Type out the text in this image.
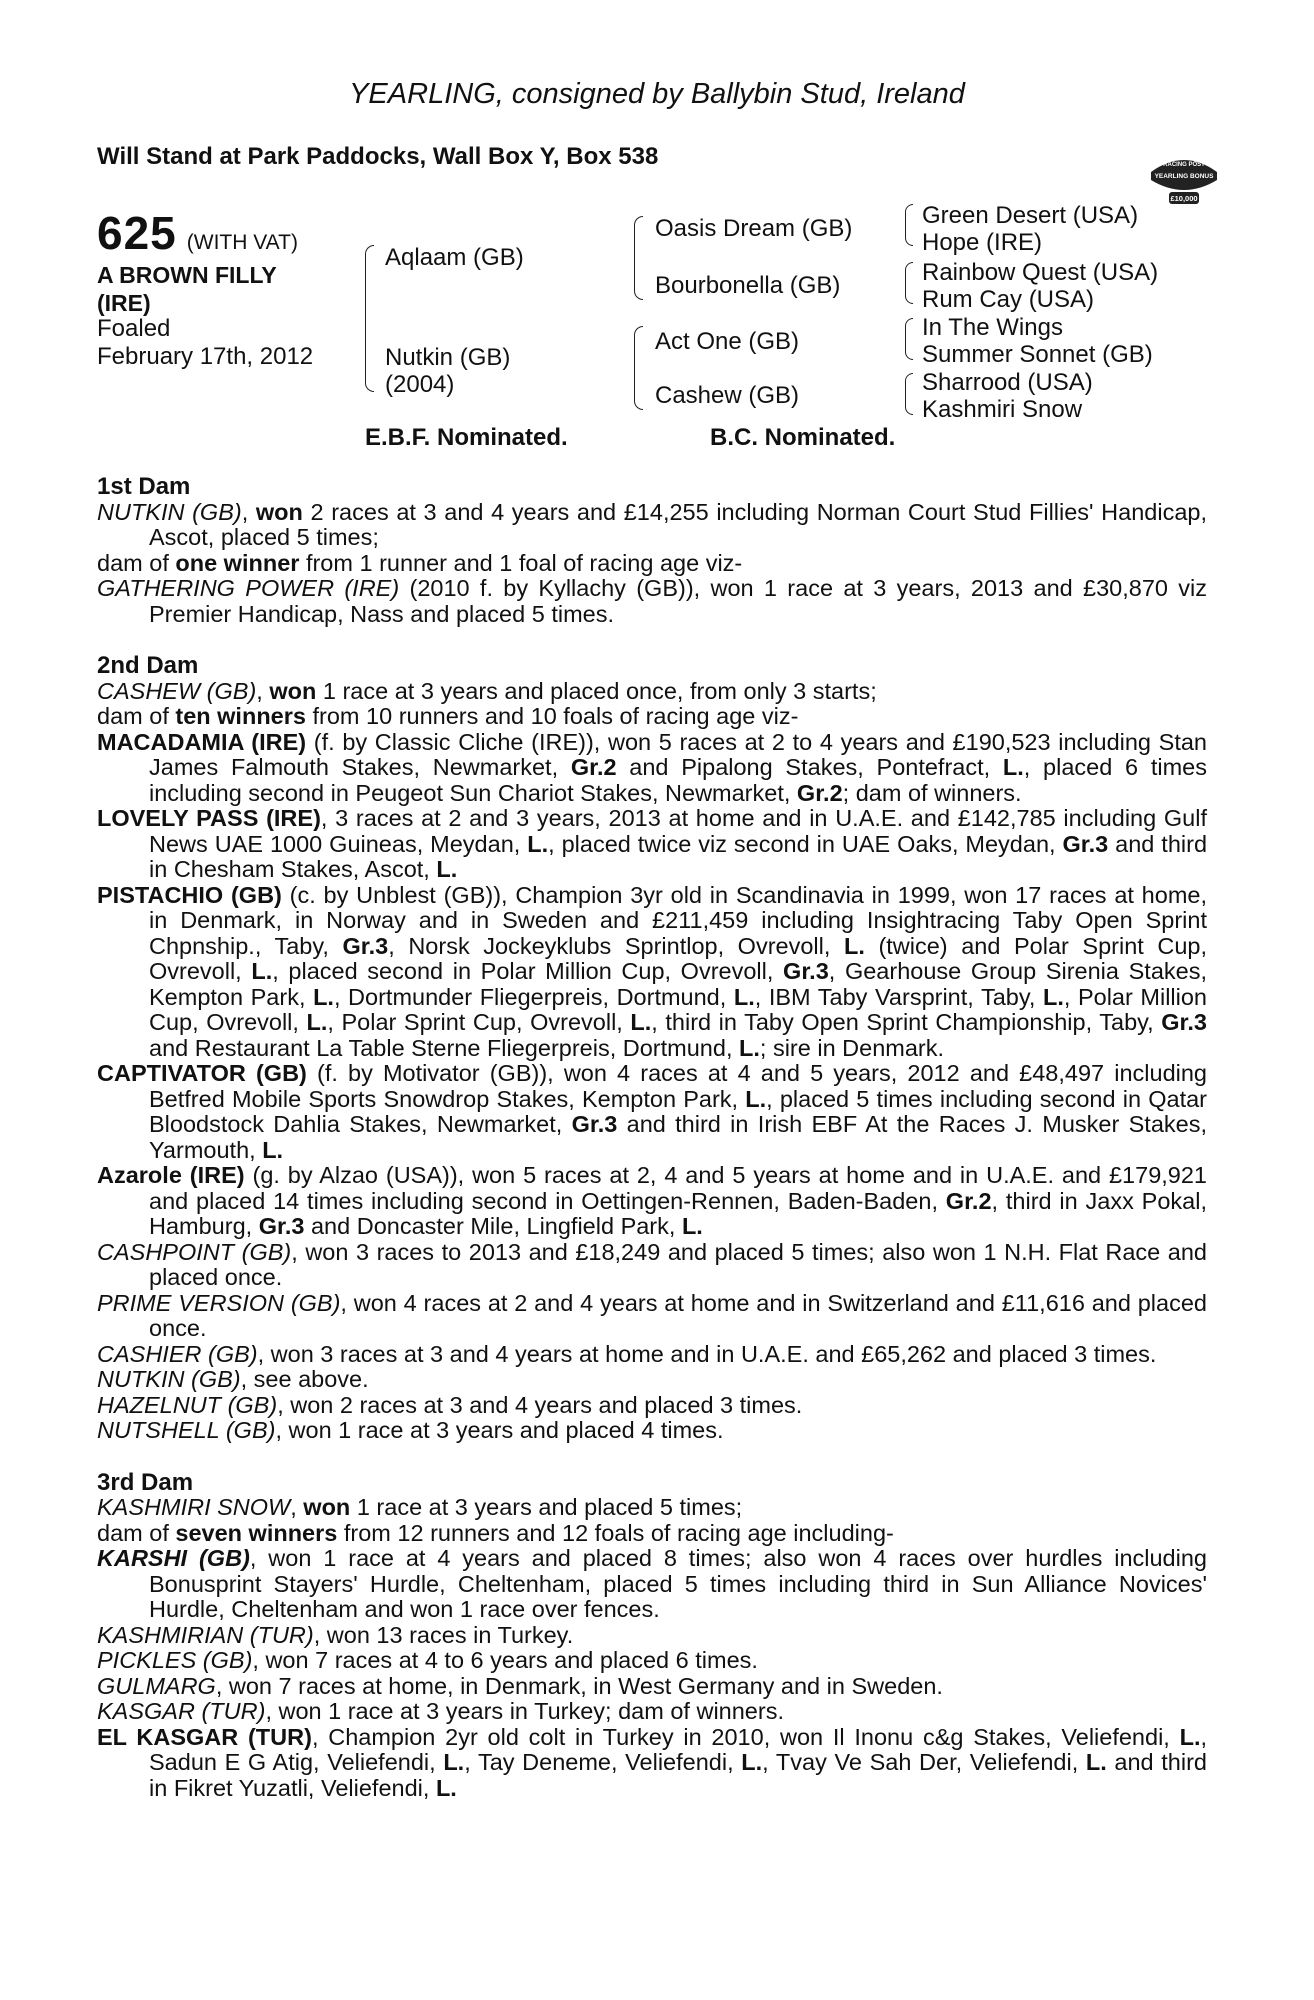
YEARLING, consigned by Ballybin Stud, Ireland
Will Stand at Park Paddocks, Wall Box Y, Box 538	RACING POST
YEARLING BONUS
£10,000
625 (WITH VAT)
A BROWN FILLY
(IRE)
Foaled
February 17th, 2012
Aqlaam (GB)
Nutkin (GB)
(2004)
Oasis Dream (GB)
Bourbonella (GB)
Act One (GB)
Cashew (GB)
Green Desert (USA)
Hope (IRE)
Rainbow Quest (USA)
Rum Cay (USA)
In The Wings
Summer Sonnet (GB)
Sharrood (USA)
Kashmiri Snow
E.B.F. Nominated.	B.C. Nominated.

1st Dam

NUTKIN (GB), won 2 races at 3 and 4 years and £14,255 including Norman Court Stud Fillies' Handicap, Ascot, placed 5 times;

dam of one winner from 1 runner and 1 foal of racing age viz-

GATHERING POWER (IRE) (2010 f. by Kyllachy (GB)), won 1 race at 3 years, 2013 and £30,870 viz Premier Handicap, Nass and placed 5 times.

2nd Dam

CASHEW (GB), won 1 race at 3 years and placed once, from only 3 starts;

dam of ten winners from 10 runners and 10 foals of racing age viz-

MACADAMIA (IRE) (f. by Classic Cliche (IRE)), won 5 races at 2 to 4 years and £190,523 including Stan James Falmouth Stakes, Newmarket, Gr.2 and Pipalong Stakes, Pontefract, L., placed 6 times including second in Peugeot Sun Chariot Stakes, Newmarket, Gr.2; dam of winners.

LOVELY PASS (IRE), 3 races at 2 and 3 years, 2013 at home and in U.A.E. and £142,785 including Gulf News UAE 1000 Guineas, Meydan, L., placed twice viz second in UAE Oaks, Meydan, Gr.3 and third in Chesham Stakes, Ascot, L.

PISTACHIO (GB) (c. by Unblest (GB)), Champion 3yr old in Scandinavia in 1999, won 17 races at home, in Denmark, in Norway and in Sweden and £211,459 including Insightracing Taby Open Sprint Chpnship., Taby, Gr.3, Norsk Jockeyklubs Sprintlop, Ovrevoll, L. (twice) and Polar Sprint Cup, Ovrevoll, L., placed second in Polar Million Cup, Ovrevoll, Gr.3, Gearhouse Group Sirenia Stakes, Kempton Park, L., Dortmunder Fliegerpreis, Dortmund, L., IBM Taby Varsprint, Taby, L., Polar Million Cup, Ovrevoll, L., Polar Sprint Cup, Ovrevoll, L., third in Taby Open Sprint Championship, Taby, Gr.3 and Restaurant La Table Sterne Fliegerpreis, Dortmund, L.; sire in Denmark.

CAPTIVATOR (GB) (f. by Motivator (GB)), won 4 races at 4 and 5 years, 2012 and £48,497 including Betfred Mobile Sports Snowdrop Stakes, Kempton Park, L., placed 5 times including second in Qatar Bloodstock Dahlia Stakes, Newmarket, Gr.3 and third in Irish EBF At the Races J. Musker Stakes, Yarmouth, L.

Azarole (IRE) (g. by Alzao (USA)), won 5 races at 2, 4 and 5 years at home and in U.A.E. and £179,921 and placed 14 times including second in Oettingen-Rennen, Baden-Baden, Gr.2, third in Jaxx Pokal, Hamburg, Gr.3 and Doncaster Mile, Lingfield Park, L.

CASHPOINT (GB), won 3 races to 2013 and £18,249 and placed 5 times; also won 1 N.H. Flat Race and placed once.

PRIME VERSION (GB), won 4 races at 2 and 4 years at home and in Switzerland and £11,616 and placed once.

CASHIER (GB), won 3 races at 3 and 4 years at home and in U.A.E. and £65,262 and placed 3 times.

NUTKIN (GB), see above.

HAZELNUT (GB), won 2 races at 3 and 4 years and placed 3 times.

NUTSHELL (GB), won 1 race at 3 years and placed 4 times.

3rd Dam

KASHMIRI SNOW, won 1 race at 3 years and placed 5 times;

dam of seven winners from 12 runners and 12 foals of racing age including-

KARSHI (GB), won 1 race at 4 years and placed 8 times; also won 4 races over hurdles including Bonusprint Stayers' Hurdle, Cheltenham, placed 5 times including third in Sun Alliance Novices' Hurdle, Cheltenham and won 1 race over fences.

KASHMIRIAN (TUR), won 13 races in Turkey.

PICKLES (GB), won 7 races at 4 to 6 years and placed 6 times.

GULMARG, won 7 races at home, in Denmark, in West Germany and in Sweden.

KASGAR (TUR), won 1 race at 3 years in Turkey; dam of winners.

EL KASGAR (TUR), Champion 2yr old colt in Turkey in 2010, won Il Inonu c&g Stakes, Veliefendi, L., Sadun E G Atig, Veliefendi, L., Tay Deneme, Veliefendi, L., Tvay Ve Sah Der, Veliefendi, L. and third in Fikret Yuzatli, Veliefendi, L.
